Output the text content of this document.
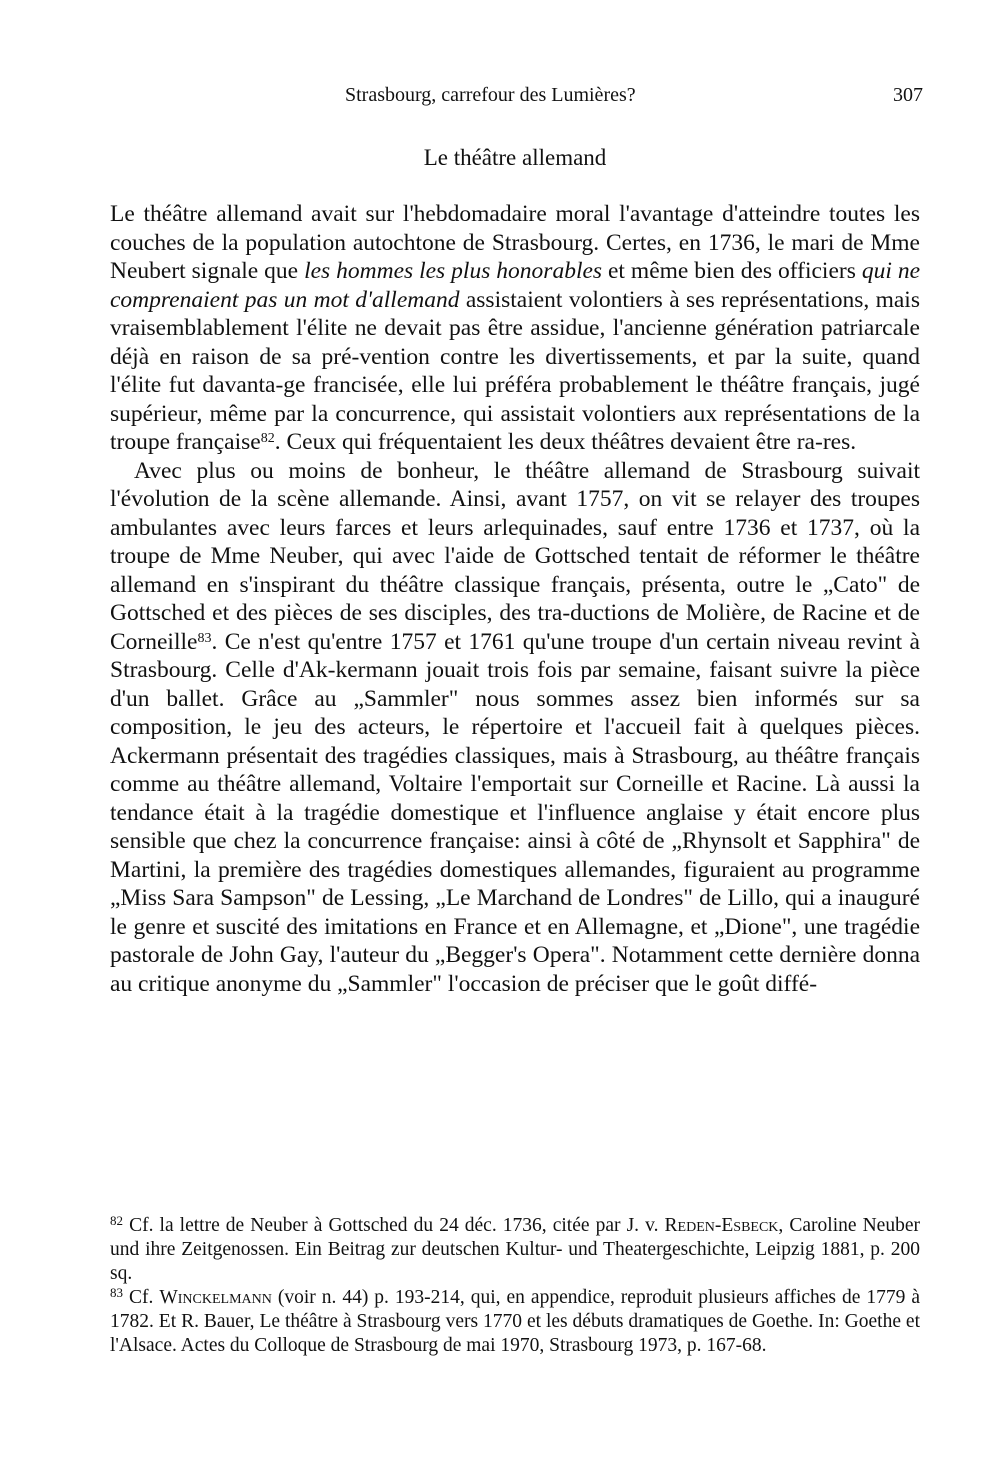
Strasbourg, carrefour des Lumières?	307
Le théâtre allemand

Le théâtre allemand avait sur l'hebdomadaire moral l'avantage d'atteindre toutes les couches de la population autochtone de Strasbourg. Certes, en 1736, le mari de Mme Neubert signale que les hommes les plus honorables et même bien des officiers qui ne comprenaient pas un mot d'allemand assistaient volontiers à ses représentations, mais vraisemblablement l'élite ne devait pas être assidue, l'ancienne génération patriarcale déjà en raison de sa pré-vention contre les divertissements, et par la suite, quand l'élite fut davanta-ge francisée, elle lui préféra probablement le théâtre français, jugé supérieur, même par la concurrence, qui assistait volontiers aux représentations de la troupe française$^{82}$. Ceux qui fréquentaient les deux théâtres devaient être ra-res.

Avec plus ou moins de bonheur, le théâtre allemand de Strasbourg suivait l'évolution de la scène allemande. Ainsi, avant 1757, on vit se relayer des troupes ambulantes avec leurs farces et leurs arlequinades, sauf entre 1736 et 1737, où la troupe de Mme Neuber, qui avec l'aide de Gottsched tentait de réformer le théâtre allemand en s'inspirant du théâtre classique français, présenta, outre le „Cato" de Gottsched et des pièces de ses disciples, des tra-ductions de Molière, de Racine et de Corneille$^{83}$. Ce n'est qu'entre 1757 et 1761 qu'une troupe d'un certain niveau revint à Strasbourg. Celle d'Ak-kermann jouait trois fois par semaine, faisant suivre la pièce d'un ballet. Grâce au „Sammler" nous sommes assez bien informés sur sa composition, le jeu des acteurs, le répertoire et l'accueil fait à quelques pièces. Ackermann présentait des tragédies classiques, mais à Strasbourg, au théâtre français comme au théâtre allemand, Voltaire l'emportait sur Corneille et Racine. Là aussi la tendance était à la tragédie domestique et l'influence anglaise y était encore plus sensible que chez la concurrence française: ainsi à côté de „Rhynsolt et Sapphira" de Martini, la première des tragédies domestiques allemandes, figuraient au programme „Miss Sara Sampson" de Lessing, „Le Marchand de Londres" de Lillo, qui a inauguré le genre et suscité des imitations en France et en Allemagne, et „Dione", une tragédie pastorale de John Gay, l'auteur du „Begger's Opera". Notamment cette dernière donna au critique anonyme du „Sammler" l'occasion de préciser que le goût diffé-

$^{82}$ Cf. la lettre de Neuber à Gottsched du 24 déc. 1736, citée par J. v. Reden-Esbeck, Caroline Neuber und ihre Zeitgenossen. Ein Beitrag zur deutschen Kultur- und Theatergeschichte, Leipzig 1881, p. 200 sq.

$^{83}$ Cf. Winckelmann (voir n. 44) p. 193-214, qui, en appendice, reproduit plusieurs affiches de 1779 à 1782. Et R. Bauer, Le théâtre à Strasbourg vers 1770 et les débuts dramatiques de Goethe. In: Goethe et l'Alsace. Actes du Colloque de Strasbourg de mai 1970, Strasbourg 1973, p. 167-68.
